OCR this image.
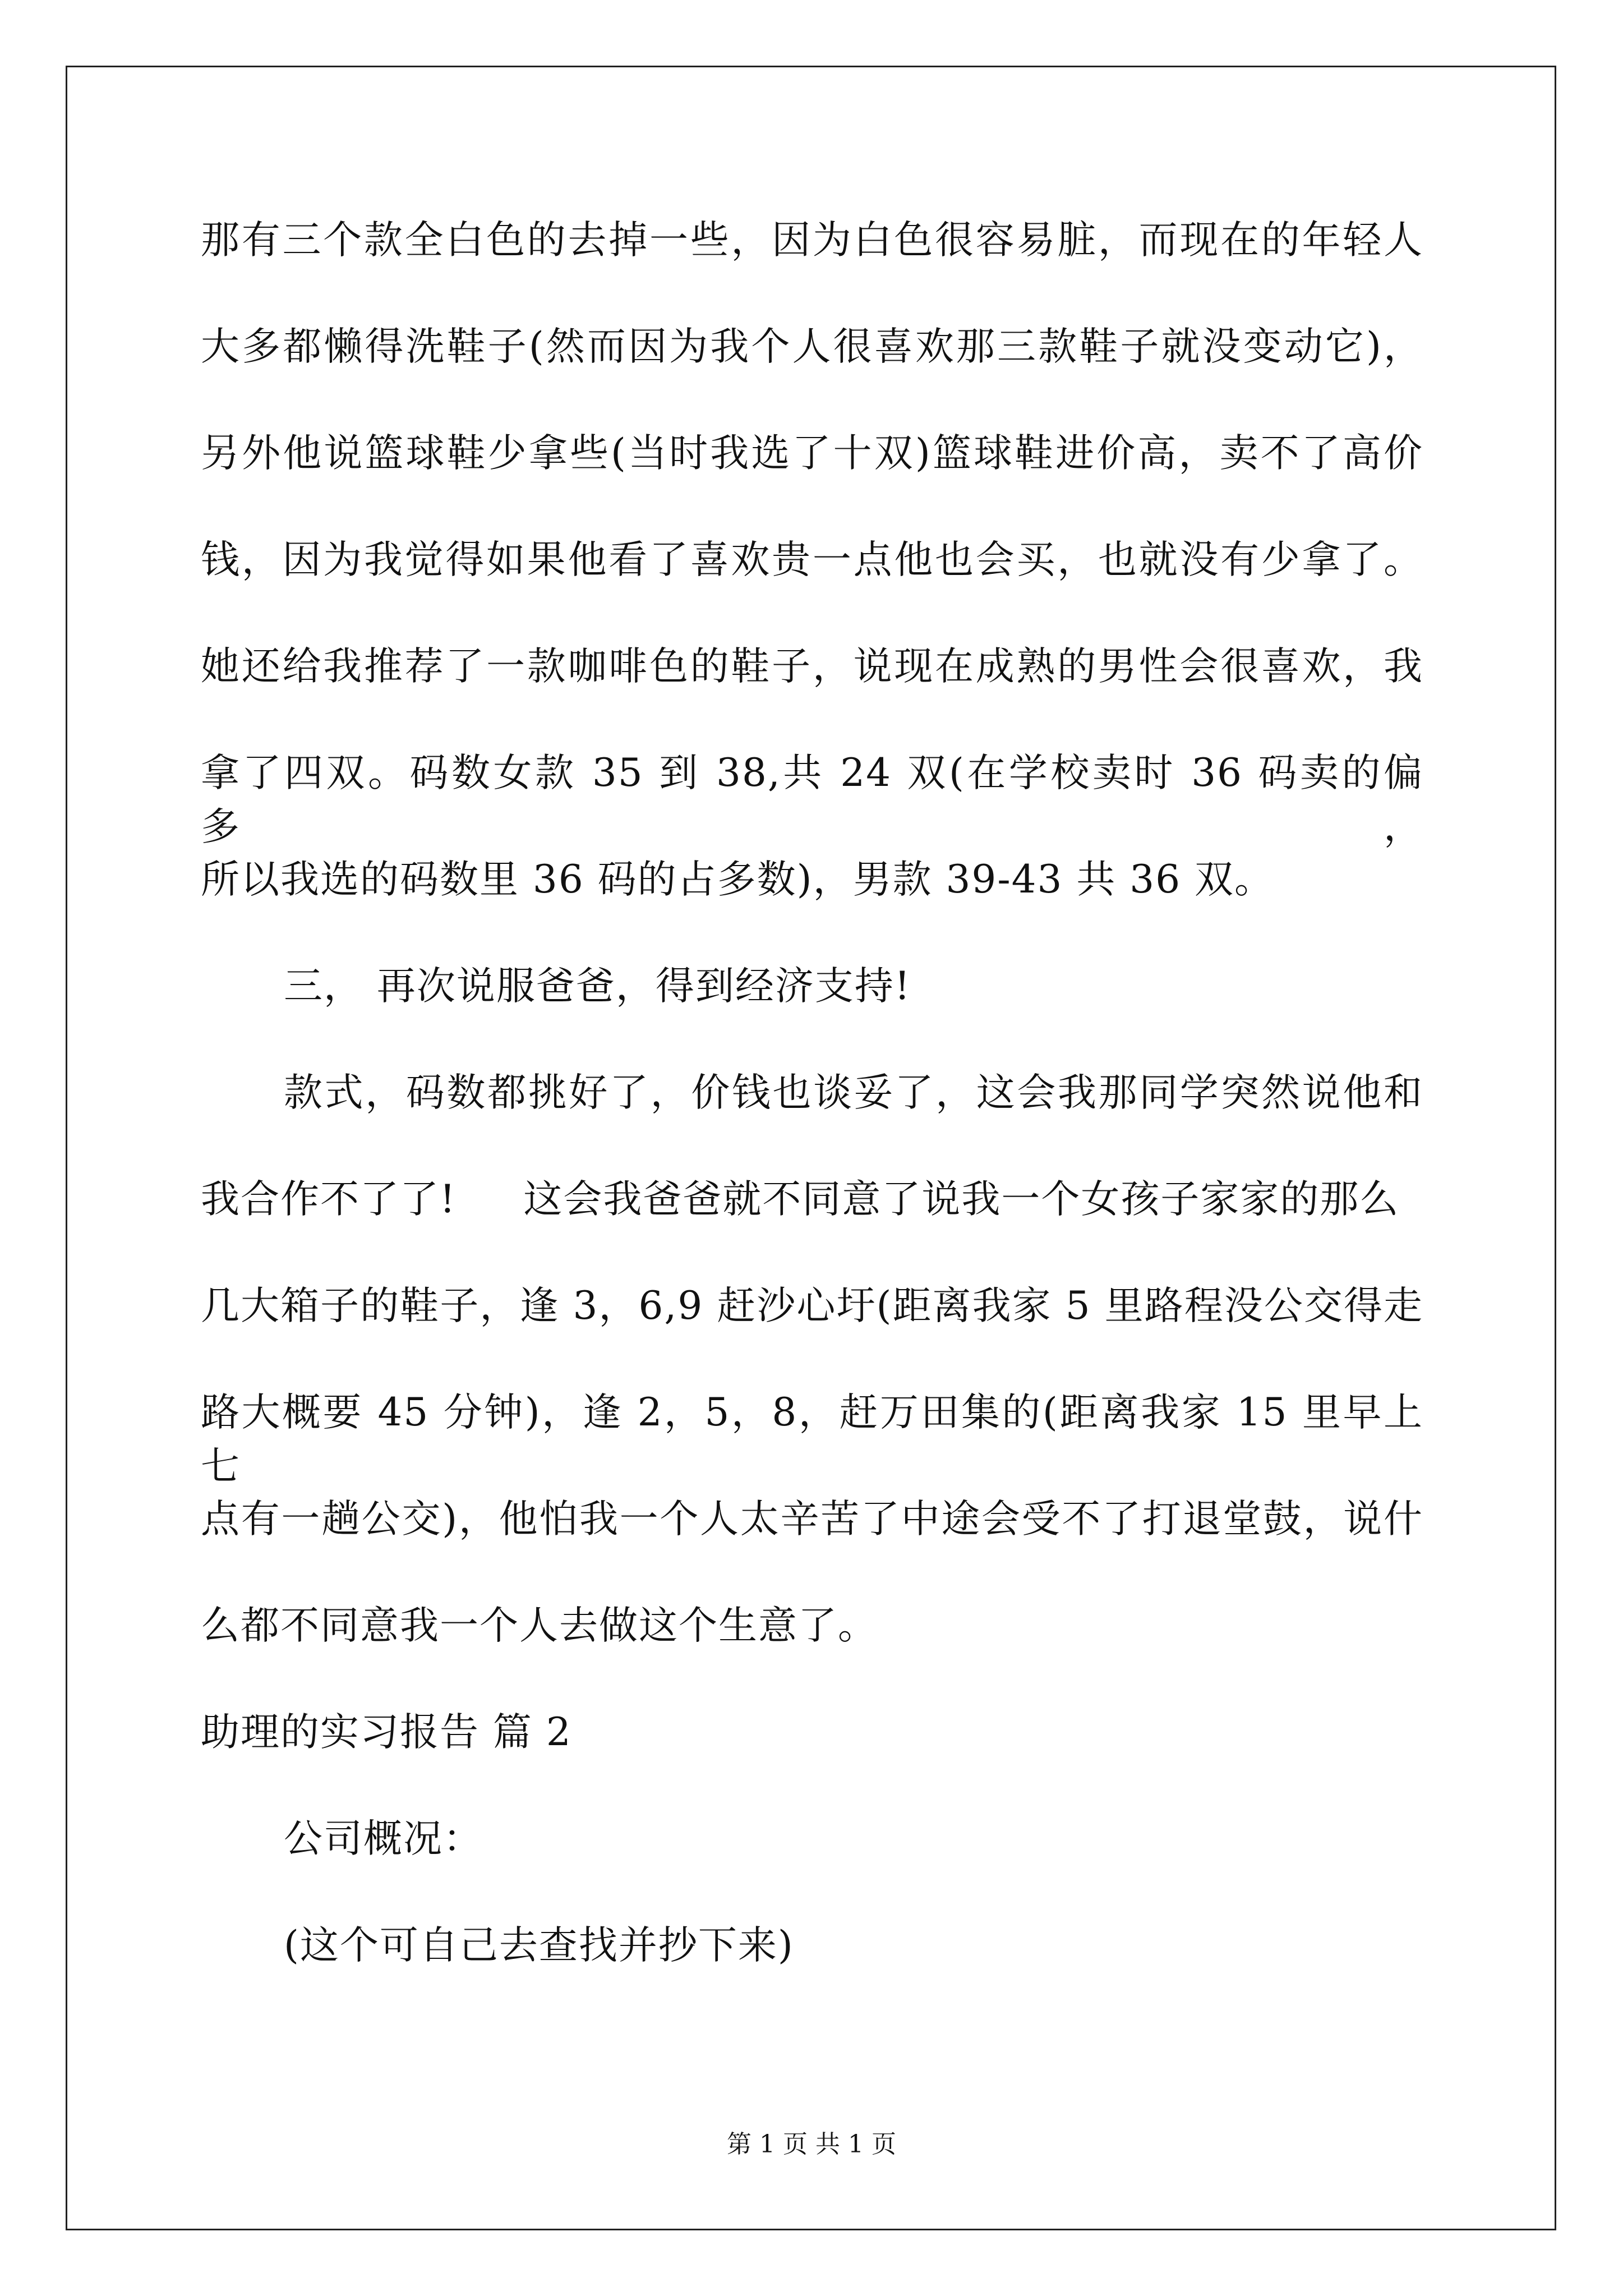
那有三个款全白色的去掉一些，因为白色很容易脏，而现在的年轻人
大多都懒得洗鞋子(然而因为我个人很喜欢那三款鞋子就没变动它)，
另外他说篮球鞋少拿些(当时我选了十双)篮球鞋进价高，卖不了高价
钱，因为我觉得如果他看了喜欢贵一点他也会买，也就没有少拿了。
她还给我推荐了一款咖啡色的鞋子，说现在成熟的男性会很喜欢，我
拿了四双。码数女款 35 到 38,共 24 双(在学校卖时 36 码卖的偏多，
所以我选的码数里 36 码的占多数)，男款 39-43 共 36 双。
三， 再次说服爸爸，得到经济支持!
款式，码数都挑好了，价钱也谈妥了，这会我那同学突然说他和
我合作不了了!     这会我爸爸就不同意了说我一个女孩子家家的那么
几大箱子的鞋子，逢 3，6,9 赶沙心圩(距离我家 5 里路程没公交得走
路大概要 45 分钟)，逢 2，5，8，赶万田集的(距离我家 15 里早上七
点有一趟公交)，他怕我一个人太辛苦了中途会受不了打退堂鼓，说什
么都不同意我一个人去做这个生意了。
助理的实习报告 篇 2
公司概况：
(这个可自己去查找并抄下来)
第 1 页 共 1 页
